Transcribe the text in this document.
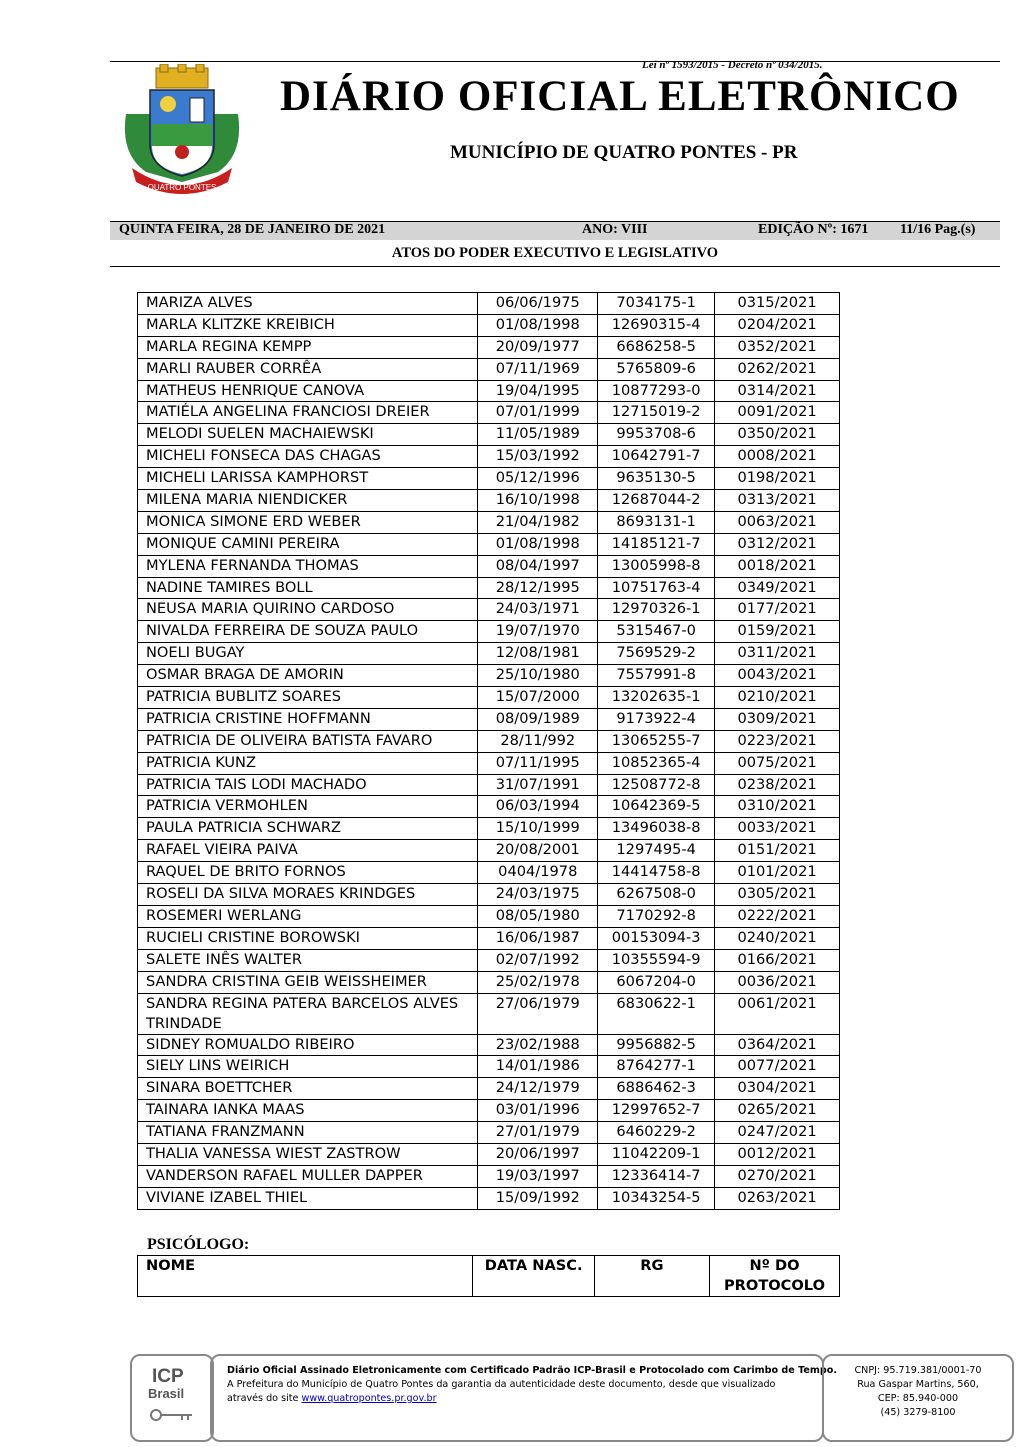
Lei nº 1593/2015 - Decreto nº 034/2015.
QUATRO PONTES
DIÁRIO OFICIAL ELETRÔNICO
MUNICÍPIO DE QUATRO PONTES - PR
QUINTA FEIRA, 28 DE JANEIRO DE 2021	ANO: VIII	EDIÇÃO Nº: 1671 11/16 Pag.(s)
ATOS DO PODER EXECUTIVO E LEGISLATIVO
MARIZA ALVES	06/06/1975	7034175-1	0315/2021
MARLA KLITZKE KREIBICH	01/08/1998	12690315-4	0204/2021
MARLA REGINA KEMPP	20/09/1977	6686258-5	0352/2021
MARLI RAUBER CORRÊA	07/11/1969	5765809-6	0262/2021
MATHEUS HENRIQUE CANOVA	19/04/1995	10877293-0	0314/2021
MATIÉLA ANGELINA FRANCIOSI DREIER	07/01/1999	12715019-2	0091/2021
MELODI SUELEN MACHAIEWSKI	11/05/1989	9953708-6	0350/2021
MICHELI FONSECA DAS CHAGAS	15/03/1992	10642791-7	0008/2021
MICHELI LARISSA KAMPHORST	05/12/1996	9635130-5	0198/2021
MILENA MARIA NIENDICKER	16/10/1998	12687044-2	0313/2021
MONICA SIMONE ERD WEBER	21/04/1982	8693131-1	0063/2021
MONIQUE CAMINI PEREIRA	01/08/1998	14185121-7	0312/2021
MYLENA FERNANDA THOMAS	08/04/1997	13005998-8	0018/2021
NADINE TAMIRES BOLL	28/12/1995	10751763-4	0349/2021
NEUSA MARIA QUIRINO CARDOSO	24/03/1971	12970326-1	0177/2021
NIVALDA FERREIRA DE SOUZA PAULO	19/07/1970	5315467-0	0159/2021
NOELI BUGAY	12/08/1981	7569529-2	0311/2021
OSMAR BRAGA DE AMORIN	25/10/1980	7557991-8	0043/2021
PATRICIA BUBLITZ SOARES	15/07/2000	13202635-1	0210/2021
PATRICIA CRISTINE HOFFMANN	08/09/1989	9173922-4	0309/2021
PATRICIA DE OLIVEIRA BATISTA FAVARO	28/11/992	13065255-7	0223/2021
PATRICIA KUNZ	07/11/1995	10852365-4	0075/2021
PATRICIA TAIS LODI MACHADO	31/07/1991	12508772-8	0238/2021
PATRICIA VERMOHLEN	06/03/1994	10642369-5	0310/2021
PAULA PATRICIA SCHWARZ	15/10/1999	13496038-8	0033/2021
RAFAEL VIEIRA PAIVA	20/08/2001	1297495-4	0151/2021
RAQUEL DE BRITO FORNOS	0404/1978	14414758-8	0101/2021
ROSELI DA SILVA MORAES KRINDGES	24/03/1975	6267508-0	0305/2021
ROSEMERI WERLANG	08/05/1980	7170292-8	0222/2021
RUCIELI CRISTINE BOROWSKI	16/06/1987	00153094-3	0240/2021
SALETE INÊS WALTER	02/07/1992	10355594-9	0166/2021
SANDRA CRISTINA GEIB WEISSHEIMER	25/02/1978	6067204-0	0036/2021
SANDRA REGINA PATERA BARCELOS ALVES TRINDADE	27/06/1979	6830622-1	0061/2021
SIDNEY ROMUALDO RIBEIRO	23/02/1988	9956882-5	0364/2021
SIELY LINS WEIRICH	14/01/1986	8764277-1	0077/2021
SINARA BOETTCHER	24/12/1979	6886462-3	0304/2021
TAINARA IANKA MAAS	03/01/1996	12997652-7	0265/2021
TATIANA FRANZMANN	27/01/1979	6460229-2	0247/2021
THALIA VANESSA WIEST ZASTROW	20/06/1997	11042209-1	0012/2021
VANDERSON RAFAEL MULLER DAPPER	19/03/1997	12336414-7	0270/2021
VIVIANE IZABEL THIEL	15/09/1992	10343254-5	0263/2021
PSICÓLOGO:
NOME	DATA NASC.	RG	Nº DO PROTOCOLO
ICP
Brasil
Diário Oficial Assinado Eletronicamente com Certificado Padrão ICP-Brasil e Protocolado com Carimbo de Tempo.
A Prefeitura do Município de Quatro Pontes da garantia da autenticidade deste documento, desde que visualizado
através do site www.quatropontes.pr.gov.br
CNPJ: 95.719.381/0001-70
Rua Gaspar Martins, 560,
CEP: 85.940-000
(45) 3279-8100
